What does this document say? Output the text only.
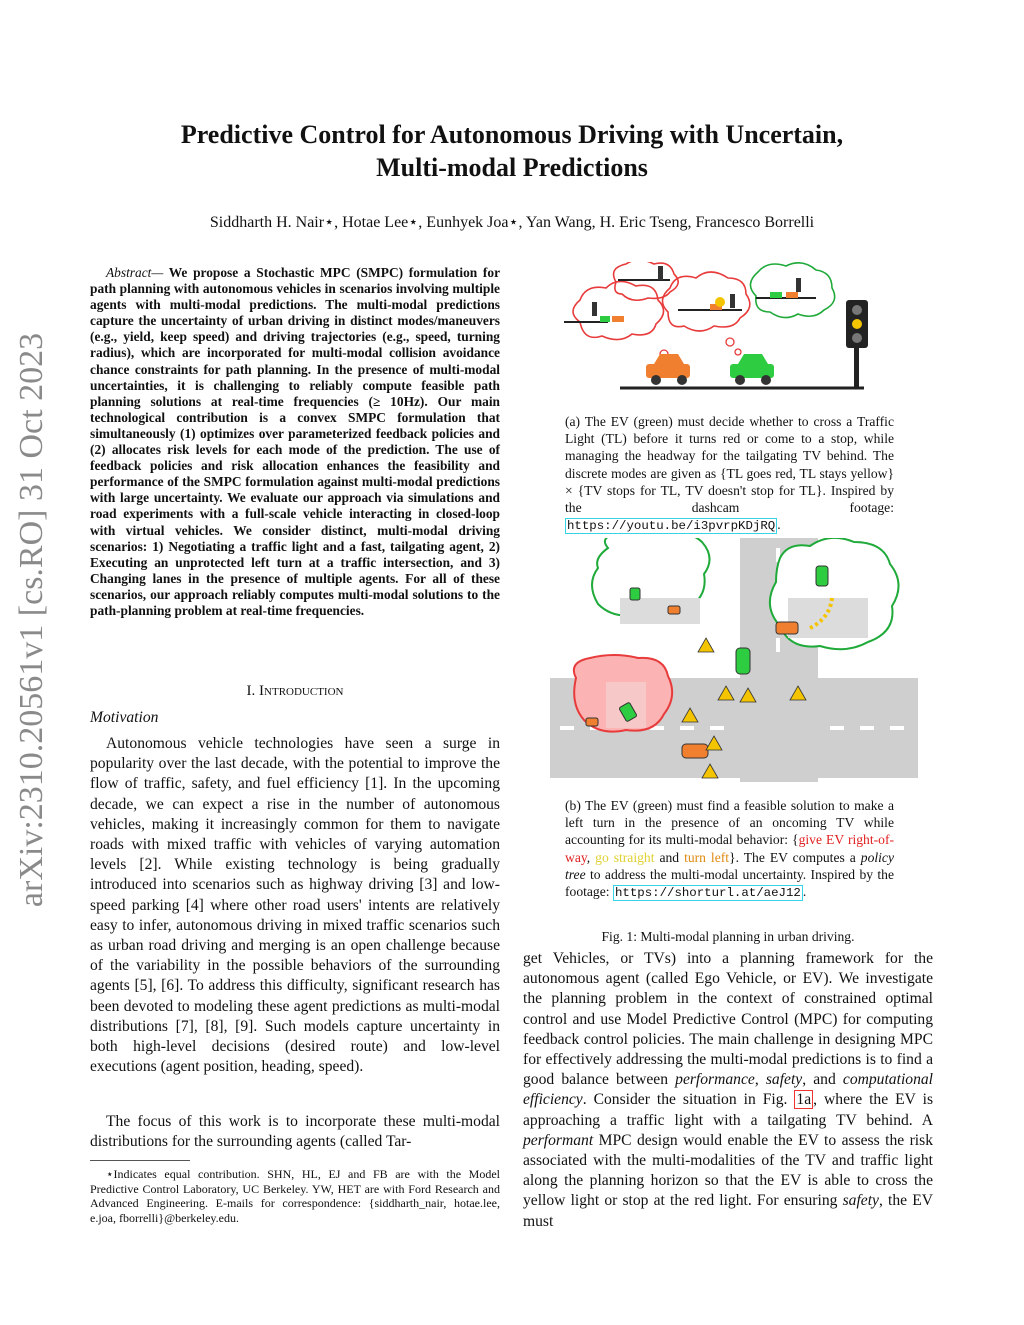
arXiv:2310.20561v1 [cs.RO] 31 Oct 2023
Predictive Control for Autonomous Driving with Uncertain,
Multi-modal Predictions
Siddharth H. Nair⋆, Hotae Lee⋆, Eunhyek Joa⋆, Yan Wang, H. Eric Tseng, Francesco Borrelli
Abstract— We propose a Stochastic MPC (SMPC) formulation for path planning with autonomous vehicles in scenarios involving multiple agents with multi-modal predictions. The multi-modal predictions capture the uncertainty of urban driving in distinct modes/maneuvers (e.g., yield, keep speed) and driving trajectories (e.g., speed, turning radius), which are incorporated for multi-modal collision avoidance chance constraints for path planning. In the presence of multi-modal uncertainties, it is challenging to reliably compute feasible path planning solutions at real-time frequencies (≥ 10Hz). Our main technological contribution is a convex SMPC formulation that simultaneously (1) optimizes over parameterized feedback policies and (2) allocates risk levels for each mode of the prediction. The use of feedback policies and risk allocation enhances the feasibility and performance of the SMPC formulation against multi-modal predictions with large uncertainty. We evaluate our approach via simulations and road experiments with a full-scale vehicle interacting in closed-loop with virtual vehicles. We consider distinct, multi-modal driving scenarios: 1) Negotiating a traffic light and a fast, tailgating agent, 2) Executing an unprotected left turn at a traffic intersection, and 3) Changing lanes in the presence of multiple agents. For all of these scenarios, our approach reliably computes multi-modal solutions to the path-planning problem at real-time frequencies.
I. Introduction
Motivation
Autonomous vehicle technologies have seen a surge in popularity over the last decade, with the potential to improve the flow of traffic, safety, and fuel efficiency [1]. In the upcoming decade, we can expect a rise in the number of autonomous vehicles, making it increasingly common for them to navigate roads with mixed traffic with vehicles of varying automation levels [2]. While existing technology is being gradually introduced into scenarios such as highway driving [3] and low-speed parking [4] where other road users' intents are relatively easy to infer, autonomous driving in mixed traffic scenarios such as urban road driving and merging is an open challenge because of the variability in the possible behaviors of the surrounding agents [5], [6]. To address this difficulty, significant research has been devoted to modeling these agent predictions as multi-modal distributions [7], [8], [9]. Such models capture uncertainty in both high-level decisions (desired route) and low-level executions (agent position, heading, speed).
The focus of this work is to incorporate these multi-modal distributions for the surrounding agents (called Tar-
⋆Indicates equal contribution. SHN, HL, EJ and FB are with the Model Predictive Control Laboratory, UC Berkeley. YW, HET are with Ford Research and Advanced Engineering. E-mails for correspondence: {siddharth_nair, hotae.lee, e.joa, fborrelli}@berkeley.edu.
(a) The EV (green) must decide whether to cross a Traffic Light (TL) before it turns red or come to a stop, while managing the headway for the tailgating TV behind. The discrete modes are given as {TL goes red, TL stays yellow} × {TV stops for TL, TV doesn't stop for TL}. Inspired by the dashcam footage: https://youtu.be/i3pvrpKDjRQ .
(b) The EV (green) must find a feasible solution to make a left turn in the presence of an oncoming TV while accounting for its multi-modal behavior: {give EV right-of-way, go straight and turn left}. The EV computes a policy tree to address the multi-modal uncertainty. Inspired by the footage: https://shorturl.at/aeJ12 .
Fig. 1: Multi-modal planning in urban driving.
get Vehicles, or TVs) into a planning framework for the autonomous agent (called Ego Vehicle, or EV). We investigate the planning problem in the context of constrained optimal control and use Model Predictive Control (MPC) for computing feedback control policies. The main challenge in designing MPC for effectively addressing the multi-modal predictions is to find a good balance between performance, safety, and computational efficiency. Consider the situation in Fig. 1a , where the EV is approaching a traffic light with a tailgating TV behind. A performant MPC design would enable the EV to assess the risk associated with the multi-modalities of the TV and traffic light along the planning horizon so that the EV is able to cross the yellow light or stop at the red light. For ensuring safety, the EV must
